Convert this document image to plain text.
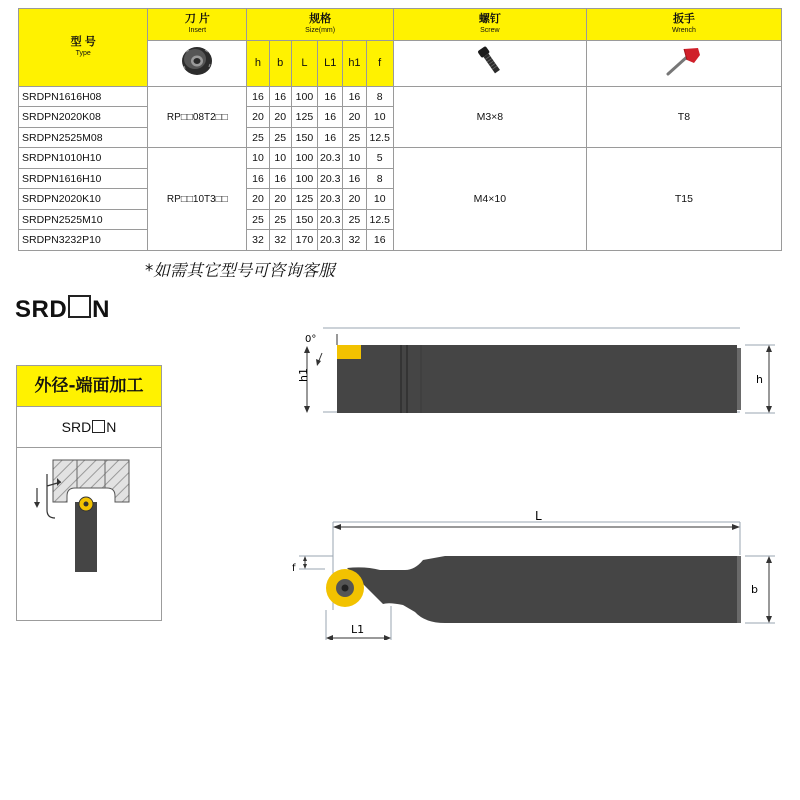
型 号
Type	刀 片
Insert	规格
Size(mm)						螺钉
Screw	扳手
Wrench

	h	b	L	L1	h1	f		
SRDPN1616H08	RP□□08T2□□	16	16	100	16	16	8	M3×8	T8
SRDPN2020K08		20	20	125	16	20	10		
SRDPN2525M08		25	25	150	16	25	12.5		
SRDPN1010H10	RP□□10T3□□	10	10	100	20.3	10	5	M4×10	T15
SRDPN1616H10		16	16	100	20.3	16	8		
SRDPN2020K10		20	20	125	20.3	20	10		
SRDPN2525M10		25	25	150	20.3	25	12.5		
SRDPN3232P10		32	32	170	20.3	32	16		
*如需其它型号可咨询客服
SRD N
外径-端面加工
SRD N
h
h1
0°
L
b
f
L1
